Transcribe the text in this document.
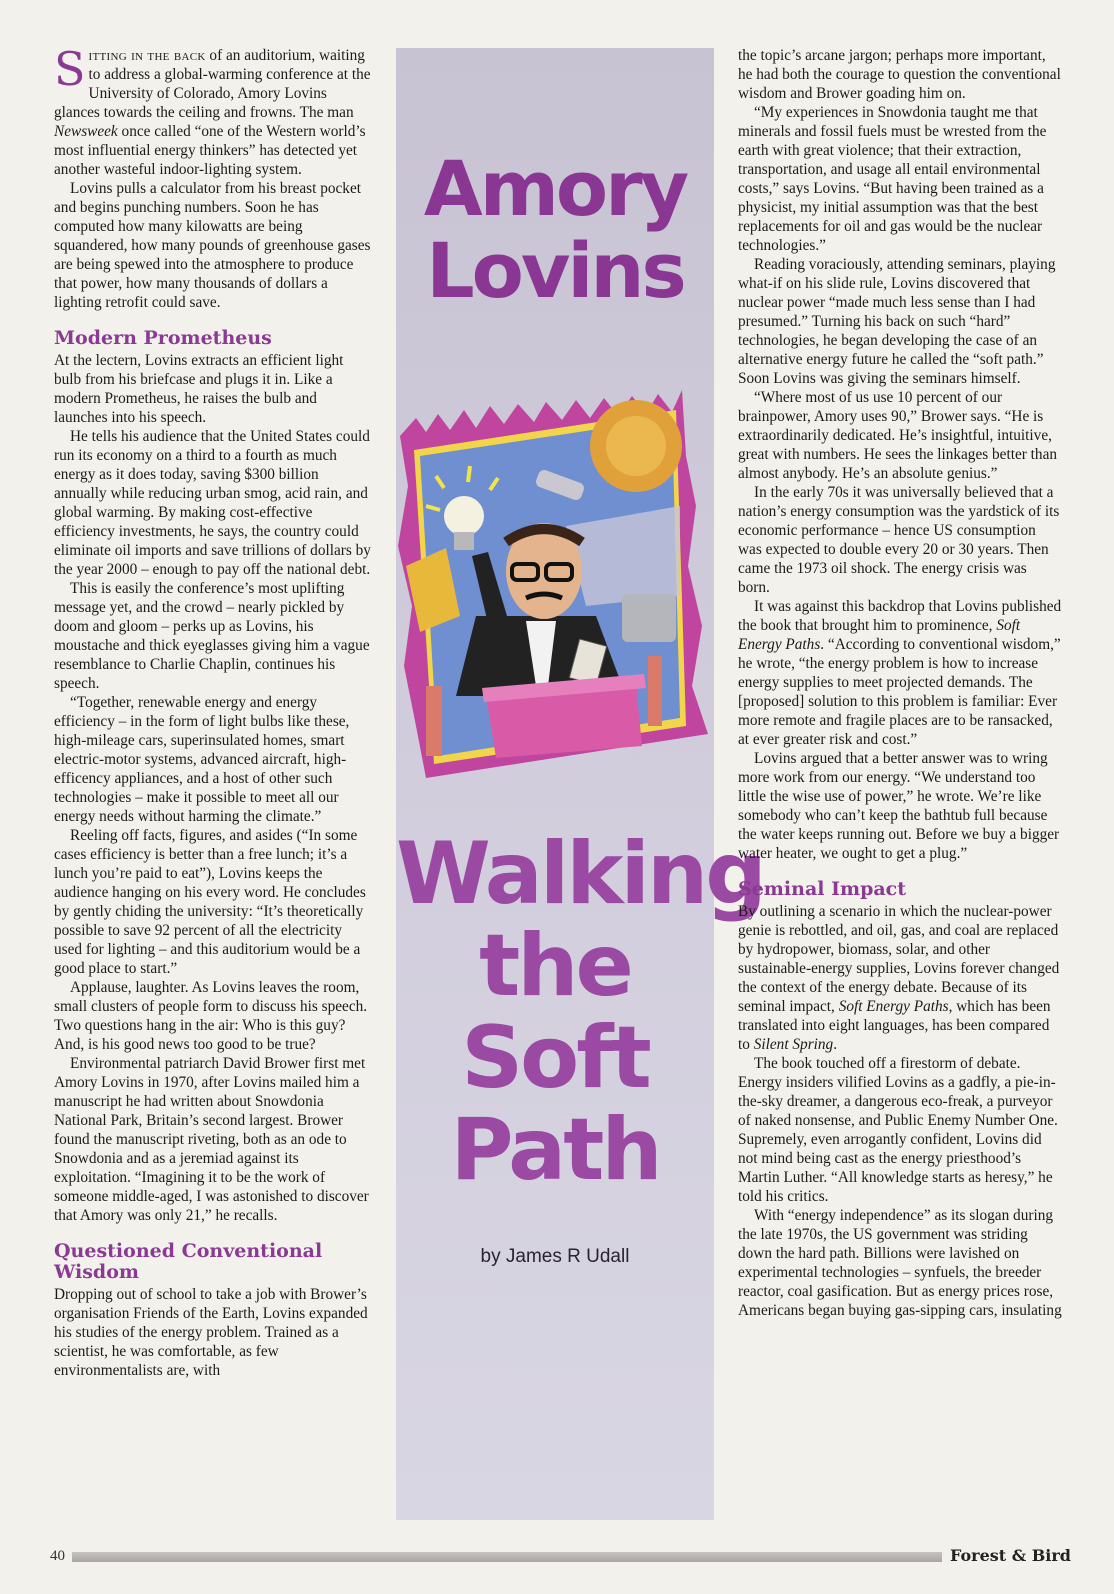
Sitting in the back of an auditorium, waiting to address a global-warming conference at the University of Colorado, Amory Lovins glances towards the ceiling and frowns. The man Newsweek once called “one of the Western world’s most influential energy thinkers” has detected yet another wasteful indoor-lighting system.

Lovins pulls a calculator from his breast pocket and begins punching numbers. Soon he has computed how many kilowatts are being squandered, how many pounds of greenhouse gases are being spewed into the atmosphere to produce that power, how many thousands of dollars a lighting retrofit could save.

Modern Prometheus

At the lectern, Lovins extracts an efficient light bulb from his briefcase and plugs it in. Like a modern Prometheus, he raises the bulb and launches into his speech.

He tells his audience that the United States could run its economy on a third to a fourth as much energy as it does today, saving $300 billion annually while reducing urban smog, acid rain, and global warming. By making cost-effective efficiency investments, he says, the country could eliminate oil imports and save trillions of dollars by the year 2000 – enough to pay off the national debt.

This is easily the conference’s most uplifting message yet, and the crowd – nearly pickled by doom and gloom – perks up as Lovins, his moustache and thick eyeglasses giving him a vague resemblance to Charlie Chaplin, continues his speech.

“Together, renewable energy and energy efficiency – in the form of light bulbs like these, high-mileage cars, superinsulated homes, smart electric-motor systems, advanced aircraft, high-efficency appliances, and a host of other such technologies – make it possible to meet all our energy needs without harming the climate.”

Reeling off facts, figures, and asides (“In some cases efficiency is better than a free lunch; it’s a lunch you’re paid to eat”), Lovins keeps the audience hanging on his every word. He concludes by gently chiding the university: “It’s theoretically possible to save 92 percent of all the electricity used for lighting – and this auditorium would be a good place to start.”

Applause, laughter. As Lovins leaves the room, small clusters of people form to discuss his speech. Two questions hang in the air: Who is this guy? And, is his good news too good to be true?

Environmental patriarch David Brower first met Amory Lovins in 1970, after Lovins mailed him a manuscript he had written about Snowdonia National Park, Britain’s second largest. Brower found the manuscript riveting, both as an ode to Snowdonia and as a jeremiad against its exploitation. “Imagining it to be the work of someone middle-aged, I was astonished to discover that Amory was only 21,” he recalls.

Questioned Conventional Wisdom

Dropping out of school to take a job with Brower’s organisation Friends of the Earth, Lovins expanded his studies of the energy problem. Trained as a scientist, he was comfortable, as few environmentalists are, with

Amory
Lovins
Walking
the
Soft
Path
by James R Udall

the topic’s arcane jargon; perhaps more important, he had both the courage to question the conventional wisdom and Brower goading him on.

“My experiences in Snowdonia taught me that minerals and fossil fuels must be wrested from the earth with great violence; that their extraction, transportation, and usage all entail environmental costs,” says Lovins. “But having been trained as a physicist, my initial assumption was that the best replacements for oil and gas would be the nuclear technologies.”

Reading voraciously, attending seminars, playing what-if on his slide rule, Lovins discovered that nuclear power “made much less sense than I had presumed.” Turning his back on such “hard” technologies, he began developing the case of an alternative energy future he called the “soft path.” Soon Lovins was giving the seminars himself.

“Where most of us use 10 percent of our brainpower, Amory uses 90,” Brower says. “He is extraordinarily dedicated. He’s insightful, intuitive, great with numbers. He sees the linkages better than almost anybody. He’s an absolute genius.”

In the early 70s it was universally believed that a nation’s energy consumption was the yardstick of its economic performance – hence US consumption was expected to double every 20 or 30 years. Then came the 1973 oil shock. The energy crisis was born.

It was against this backdrop that Lovins published the book that brought him to prominence, Soft Energy Paths. “According to conventional wisdom,” he wrote, “the energy problem is how to increase energy supplies to meet projected demands. The [proposed] solution to this problem is familiar: Ever more remote and fragile places are to be ransacked, at ever greater risk and cost.”

Lovins argued that a better answer was to wring more work from our energy. “We understand too little the wise use of power,” he wrote. We’re like somebody who can’t keep the bathtub full because the water keeps running out. Before we buy a bigger water heater, we ought to get a plug.”

Seminal Impact

By outlining a scenario in which the nuclear-power genie is rebottled, and oil, gas, and coal are replaced by hydropower, biomass, solar, and other sustainable-energy supplies, Lovins forever changed the context of the energy debate. Because of its seminal impact, Soft Energy Paths, which has been translated into eight languages, has been compared to Silent Spring.

The book touched off a firestorm of debate. Energy insiders vilified Lovins as a gadfly, a pie-in-the-sky dreamer, a dangerous eco-freak, a purveyor of naked nonsense, and Public Enemy Number One. Supremely, even arrogantly confident, Lovins did not mind being cast as the energy priesthood’s Martin Luther. “All knowledge starts as heresy,” he told his critics.

With “energy independence” as its slogan during the late 1970s, the US government was striding down the hard path. Billions were lavished on experimental technologies – synfuels, the breeder reactor, coal gasification. But as energy prices rose, Americans began buying gas-sipping cars, insulating

40	Forest & Bird
